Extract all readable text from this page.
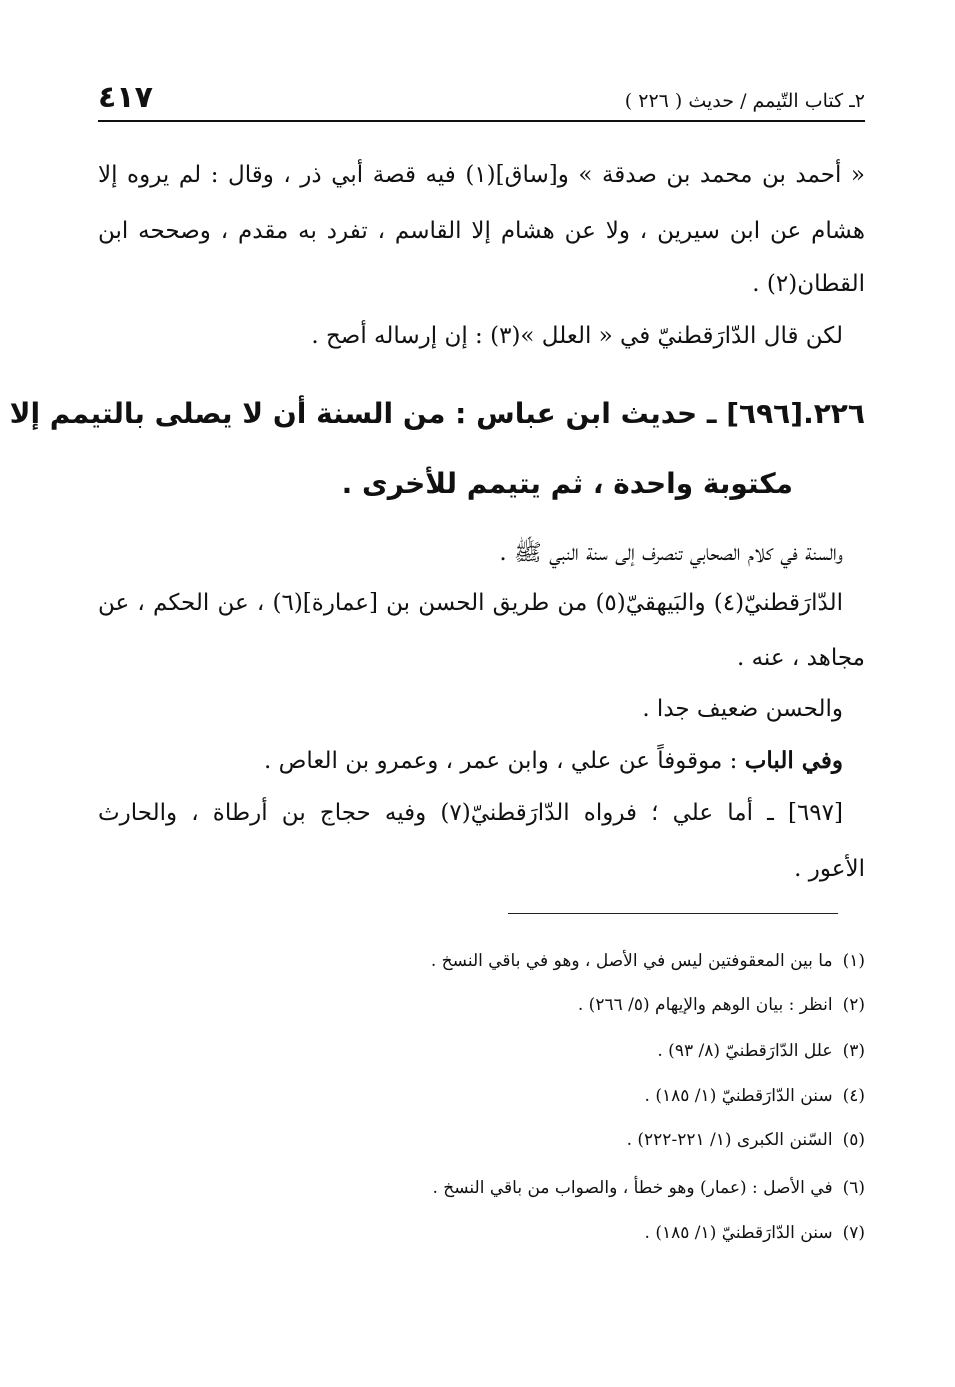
٤١٧	٢ـ كتاب التّيمم / حديث ( ٢٢٦ )
« أحمد بن محمد بن صدقة » و[ساق](١) فيه قصة أبي ذر ، وقال : لم يروه إلا
هشام عن ابن سيرين ، ولا عن هشام إلا القاسم ، تفرد به مقدم ، وصححه ابن
القطان(٢) .
لكن قال الدّارَقطنيّ في « العلل »(٣) : إن إرساله أصح .
٢٢٦.[٦٩٦] ـ حديث ابن عباس : من السنة أن لا يصلى بالتيمم إلا
مكتوبة واحدة ، ثم يتيمم للأخرى .
والسنة في كلام الصحابي تنصرف إلى سنة النبي ﷺ .
الدّارَقطنيّ(٤) والبَيهقيّ(٥) من طريق الحسن بن [عمارة](٦) ، عن الحكم ، عن
مجاهد ، عنه .
والحسن ضعيف جدا .
وفي الباب : موقوفاً عن علي ، وابن عمر ، وعمرو بن العاص .
[٦٩٧] ـ أما علي ؛ فرواه الدّارَقطنيّ(٧) وفيه حجاج بن أرطاة ، والحارث
الأعور .
(١)ما بين المعقوفتين ليس في الأصل ، وهو في باقي النسخ .
(٢)انظر : بيان الوهم والإيهام (٥/ ٢٦٦) .
(٣)علل الدّارَقطنيّ (٨/ ٩٣) .
(٤)سنن الدّارَقطنيّ (١/ ١٨٥) .
(٥)السّنن الكبرى (١/ ٢٢١-٢٢٢) .
(٦)في الأصل : (عمار) وهو خطأ ، والصواب من باقي النسخ .
(٧)سنن الدّارَقطنيّ (١/ ١٨٥) .
